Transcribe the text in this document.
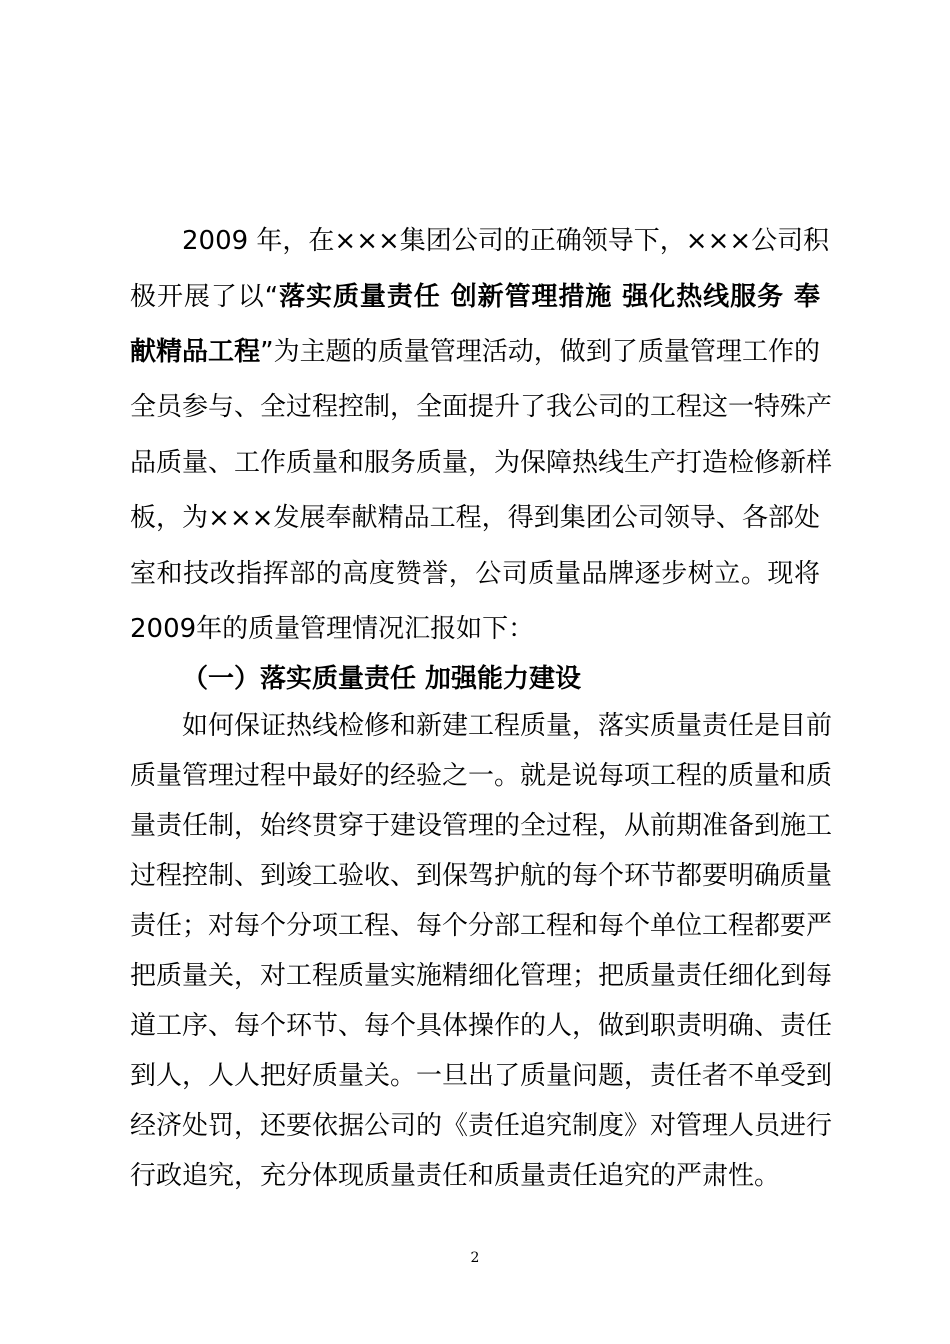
2009 年，在×××集团公司的正确领导下，×××公司积
极开展了以“落实质量责任 创新管理措施 强化热线服务 奉
献精品工程”为主题的质量管理活动，做到了质量管理工作的
全员参与、全过程控制，全面提升了我公司的工程这一特殊产
品质量、工作质量和服务质量，为保障热线生产打造检修新样
板，为×××发展奉献精品工程，得到集团公司领导、各部处
室和技改指挥部的高度赞誉，公司质量品牌逐步树立。现将
2009年的质量管理情况汇报如下：
（一）落实质量责任 加强能力建设
如何保证热线检修和新建工程质量，落实质量责任是目前
质量管理过程中最好的经验之一。就是说每项工程的质量和质
量责任制，始终贯穿于建设管理的全过程，从前期准备到施工
过程控制、到竣工验收、到保驾护航的每个环节都要明确质量
责任；对每个分项工程、每个分部工程和每个单位工程都要严
把质量关，对工程质量实施精细化管理；把质量责任细化到每
道工序、每个环节、每个具体操作的人，做到职责明确、责任
到人，人人把好质量关。一旦出了质量问题，责任者不单受到
经济处罚，还要依据公司的《责任追究制度》对管理人员进行
行政追究，充分体现质量责任和质量责任追究的严肃性。
2
